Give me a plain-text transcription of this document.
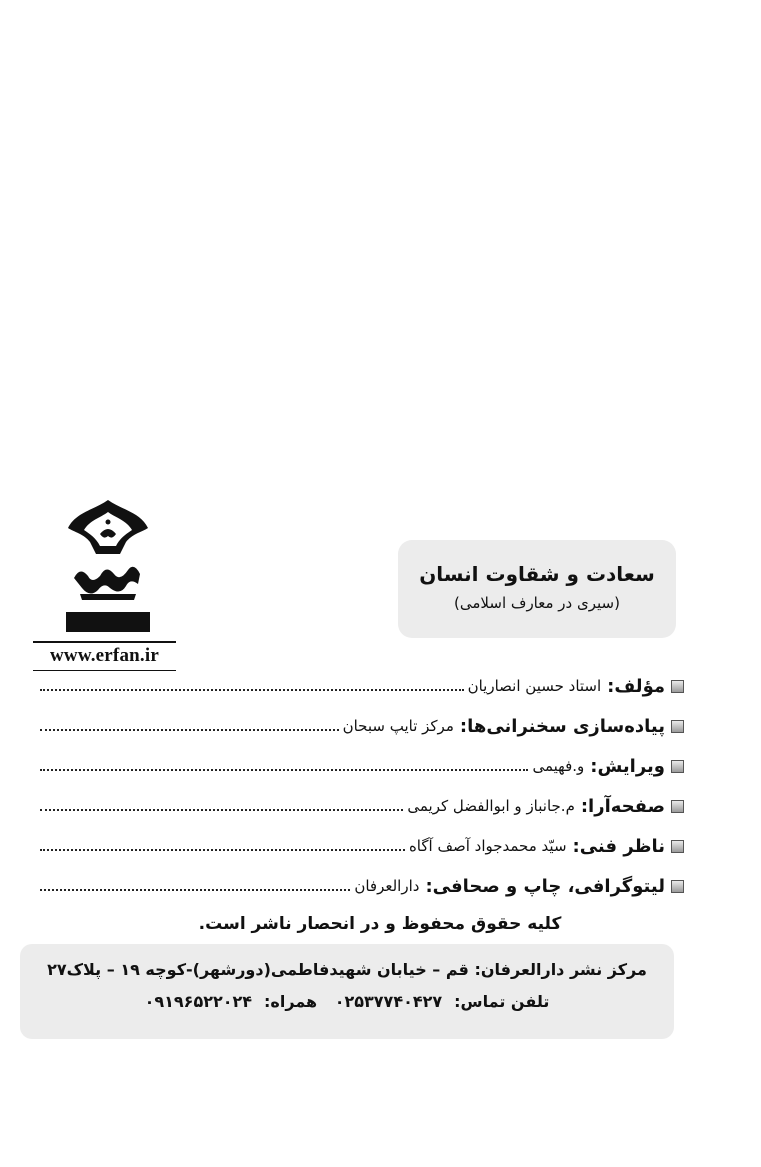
www.erfan.ir
سعادت و شقاوت انسان
(سیری در معارف اسلامی)
مؤلف:
استاد حسین انصاریان
پیاده‌سازی سخنرانی‌ها:
مرکز تایپ سبحان
ویرایش:
و.فهیمی
صفحه‌آرا:
م.جانباز و ابوالفضل کریمی
ناظر فنی:
سیّد محمدجواد آصف آگاه
لیتوگرافی، چاپ و صحافی:
دارالعرفان
کلیه حقوق محفوظ و در انحصار ناشر است.
مرکز نشر دارالعرفان: قم – خیابان شهیدفاطمی(دورشهر)-کوچه ۱۹ – پلاک۲۷
تلفن تماس:۰۲۵۳۷۷۴۰۴۲۷ همراه:۰۹۱۹۶۵۲۲۰۲۴
